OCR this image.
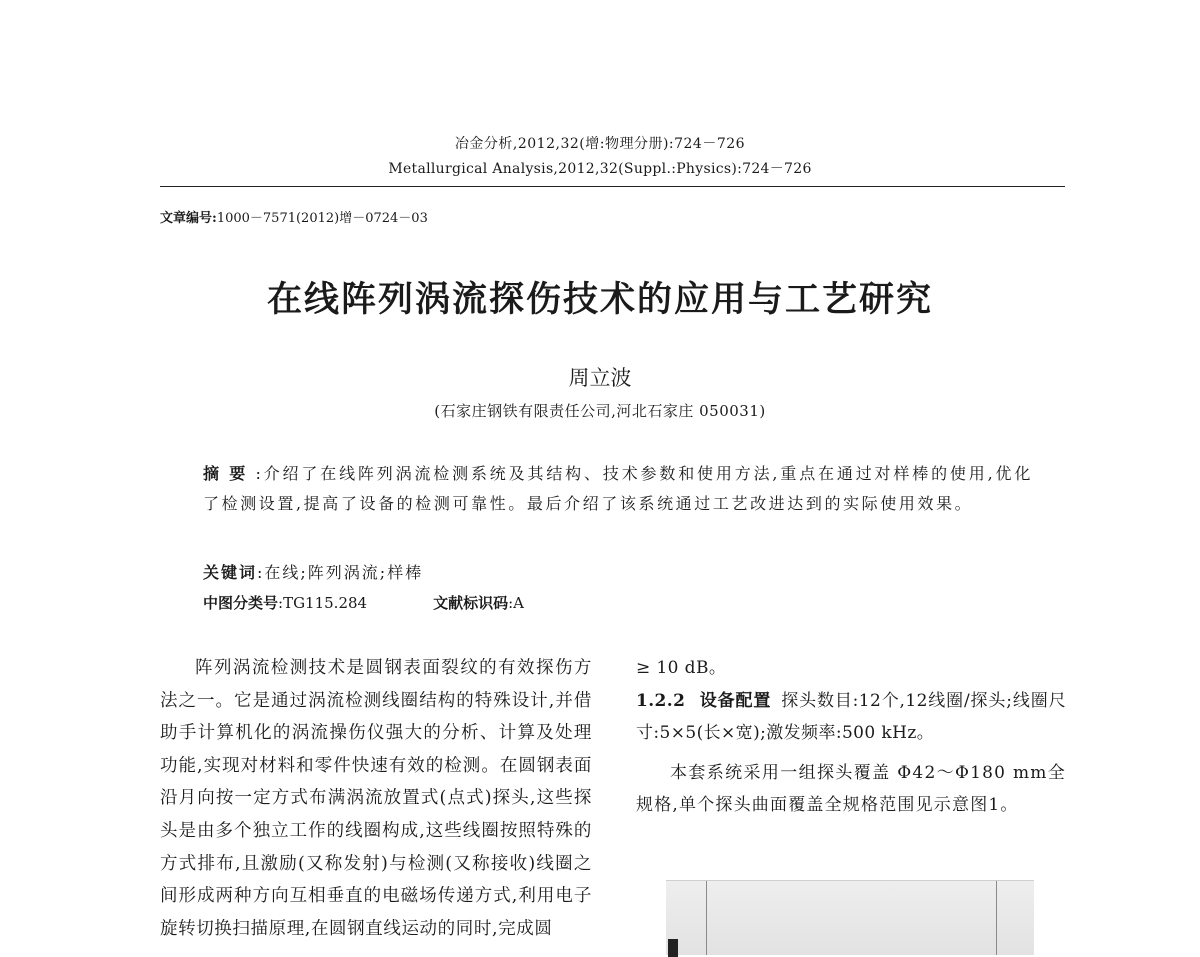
冶金分析,2012,32(增:物理分册):724－726
Metallurgical Analysis,2012,32(Suppl.:Physics):724－726
文章编号:1000－7571(2012)增－0724－03
在线阵列涡流探伤技术的应用与工艺研究
周立波
(石家庄钢铁有限责任公司,河北石家庄 050031)

摘要:介绍了在线阵列涡流检测系统及其结构、技术参数和使用方法,重点在通过对样棒的使用,优化了检测设置,提高了设备的检测可靠性。最后介绍了该系统通过工艺改进达到的实际使用效果。

关键词:在线;阵列涡流;样棒
中图分类号:TG115.284	文献标识码:A

阵列涡流检测技术是圆钢表面裂纹的有效探伤方法之一。它是通过涡流检测线圈结构的特殊设计,并借助手计算机化的涡流操伤仪强大的分析、计算及处理功能,实现对材料和零件快速有效的检测。在圆钢表面沿月向按一定方式布满涡流放置式(点式)探头,这些探头是由多个独立工作的线圈构成,这些线圈按照特殊的方式排布,且激励(又称发射)与检测(又称接收)线圈之间形成两种方向互相垂直的电磁场传递方式,利用电子旋转切换扫描原理,在圆钢直线运动的同时,完成圆

≥ 10 dB。

1.2.2 设备配置 探头数目:12个,12线圈/探头;线圈尺寸:5×5(长×宽);激发频率:500 kHz。

本套系统采用一组探头覆盖 Φ42～Φ180 mm全规格,单个探头曲面覆盖全规格范围见示意图1。
